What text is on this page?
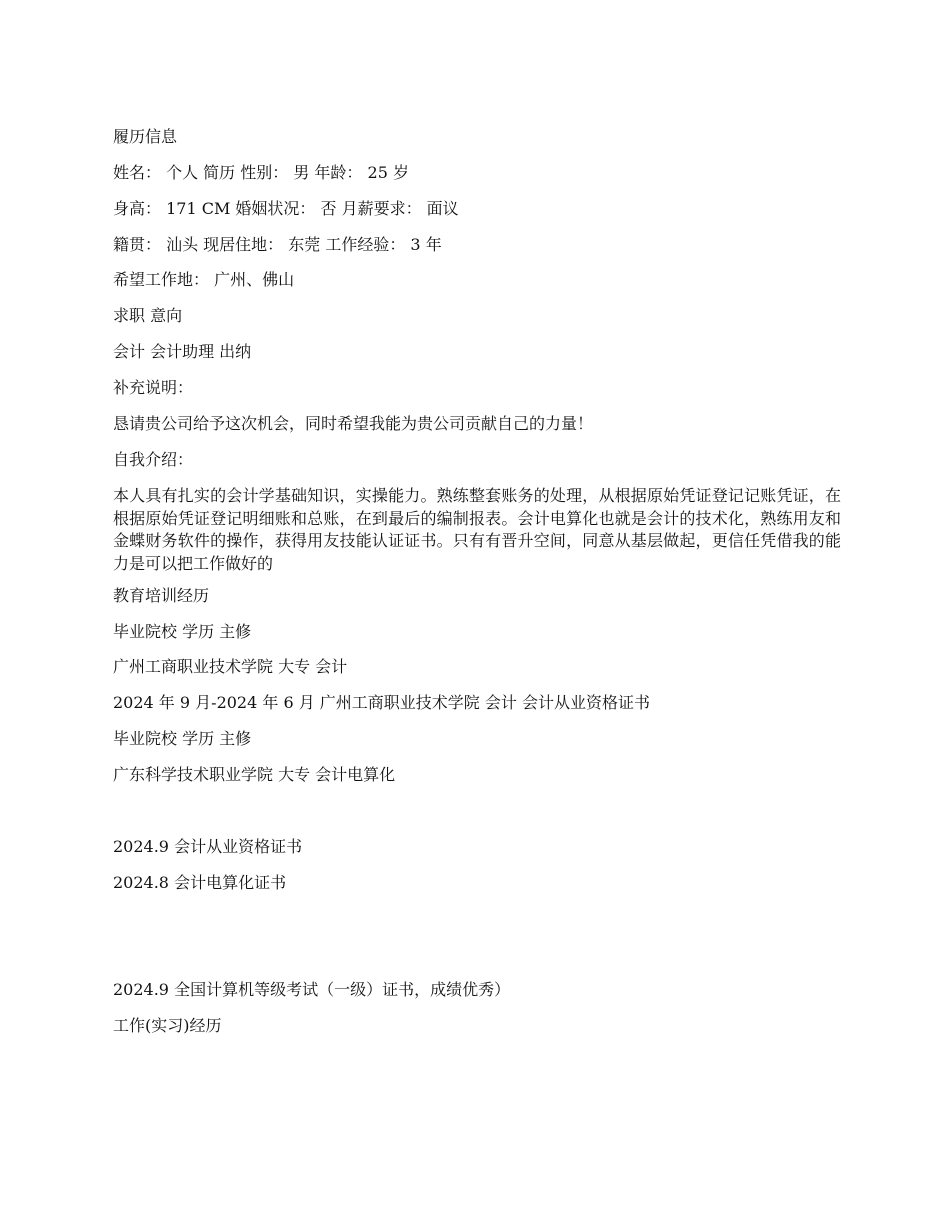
履历信息
姓名： 个人 简历 性别： 男 年龄： 25 岁
身高： 171 CM 婚姻状况： 否 月薪要求： 面议
籍贯： 汕头 现居住地： 东莞 工作经验： 3 年
希望工作地： 广州、佛山
求职 意向
会计 会计助理 出纳
补充说明：
恳请贵公司给予这次机会，同时希望我能为贵公司贡献自己的力量！
自我介绍：
本人具有扎实的会计学基础知识，实操能力。熟练整套账务的处理，从根据原始凭证登记记账凭证，在根据原始凭证登记明细账和总账，在到最后的编制报表。会计电算化也就是会计的技术化，熟练用友和金蝶财务软件的操作，获得用友技能认证证书。只有有晋升空间，同意从基层做起，更信任凭借我的能力是可以把工作做好的
教育培训经历
毕业院校 学历 主修
广州工商职业技术学院 大专 会计
2024 年 9 月-2024 年 6 月 广州工商职业技术学院 会计 会计从业资格证书
毕业院校 学历 主修
广东科学技术职业学院 大专 会计电算化
2024.9 会计从业资格证书
2024.8 会计电算化证书
2024.9 全国计算机等级考试（一级）证书，成绩优秀）
工作(实习)经历
